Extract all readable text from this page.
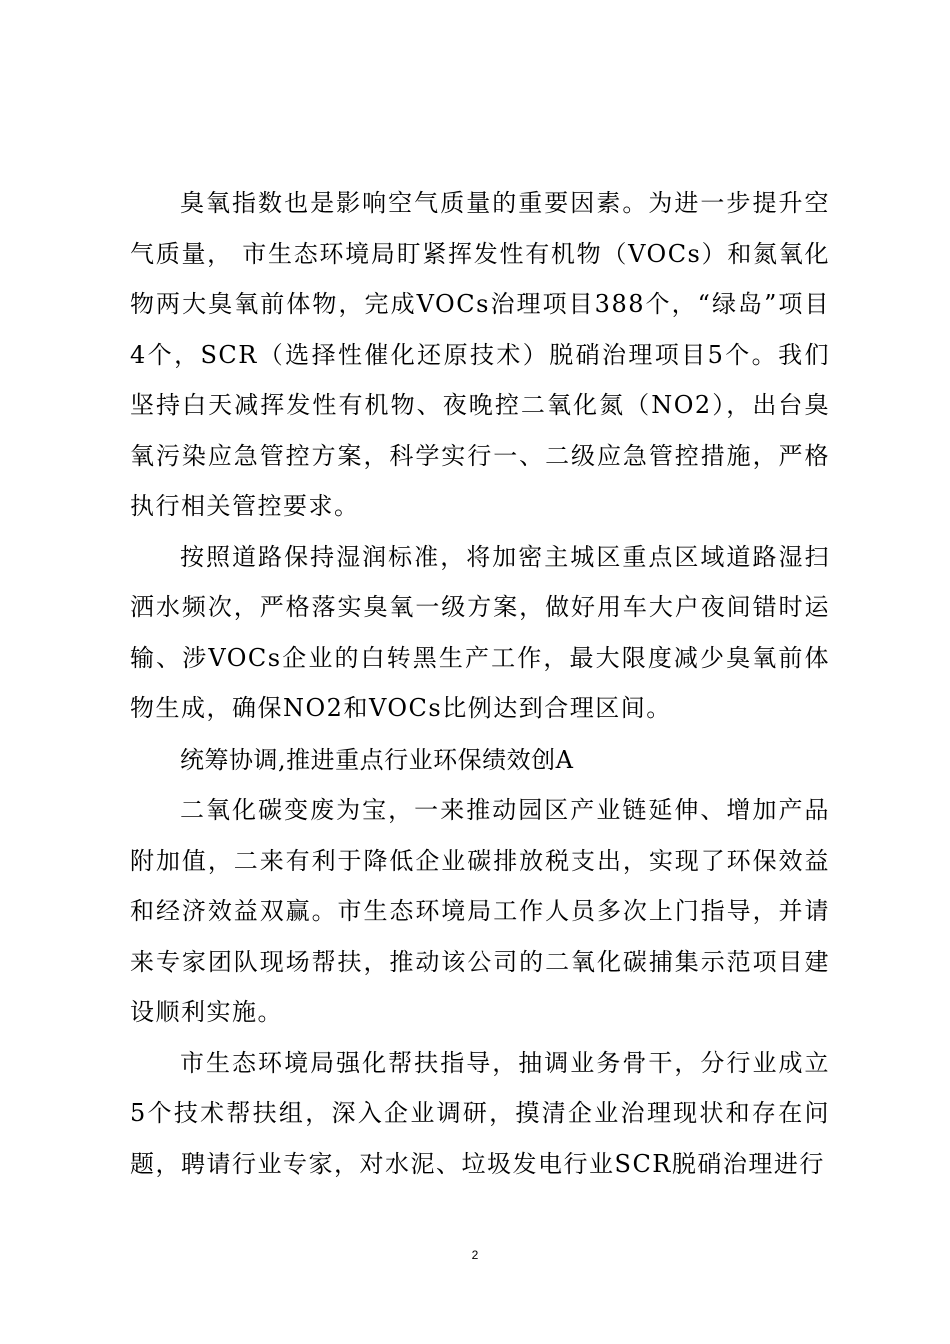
臭氧指数也是影响空气质量的重要因素。为进一步提升空气质量， 市生态环境局盯紧挥发性有机物（VOCs）和氮氧化物两大臭氧前体物，完成VOCs治理项目388个，“绿岛”项目4个，SCR（选择性催化还原技术）脱硝治理项目5个。我们坚持白天减挥发性有机物、夜晚控二氧化氮（NO2），出台臭氧污染应急管控方案，科学实行一、二级应急管控措施，严格执行相关管控要求。

按照道路保持湿润标准，将加密主城区重点区域道路湿扫洒水频次，严格落实臭氧一级方案，做好用车大户夜间错时运输、涉VOCs企业的白转黑生产工作，最大限度减少臭氧前体物生成，确保NO2和VOCs比例达到合理区间。

统筹协调,推进重点行业环保绩效创A

二氧化碳变废为宝，一来推动园区产业链延伸、增加产品附加值，二来有利于降低企业碳排放税支出，实现了环保效益和经济效益双赢。市生态环境局工作人员多次上门指导，并请来专家团队现场帮扶，推动该公司的二氧化碳捕集示范项目建设顺利实施。

市生态环境局强化帮扶指导，抽调业务骨干，分行业成立5个技术帮扶组，深入企业调研，摸清企业治理现状和存在问题，聘请行业专家，对水泥、垃圾发电行业SCR脱硝治理进行

2
